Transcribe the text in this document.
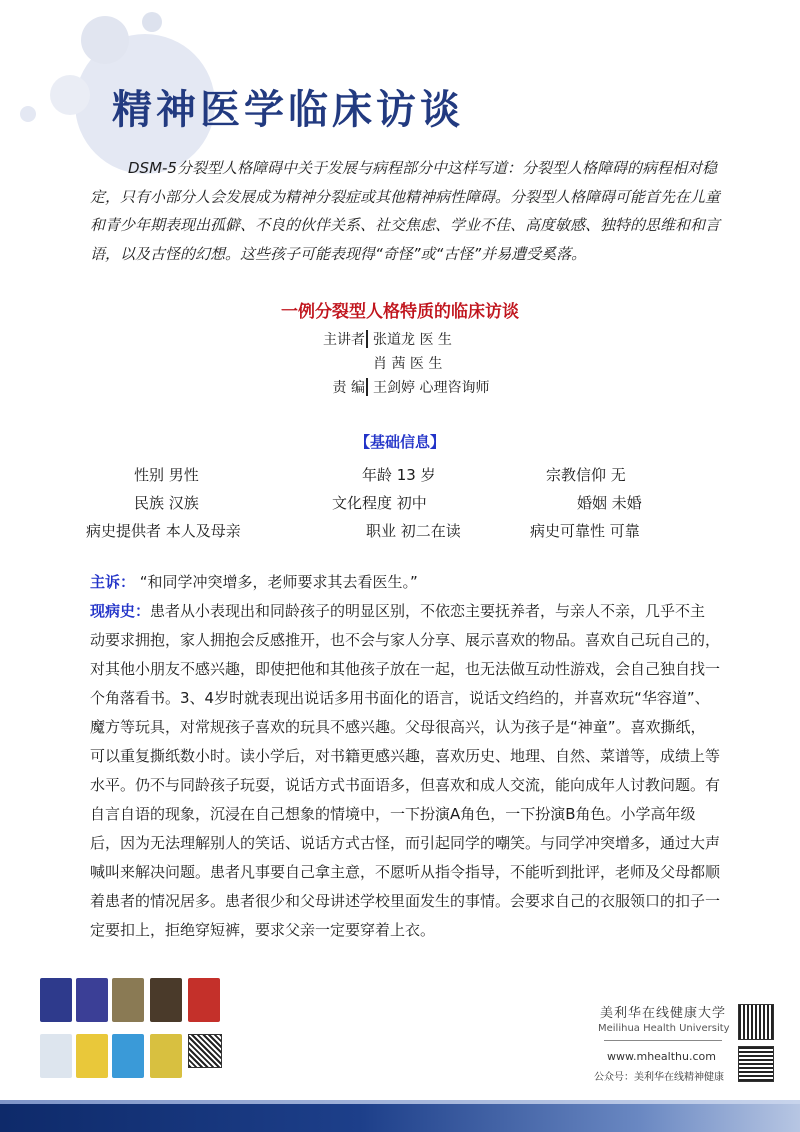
精神医学临床访谈

DSM-5分裂型人格障碍中关于发展与病程部分中这样写道：分裂型人格障碍的病程相对稳定，只有小部分人会发展成为精神分裂症或其他精神病性障碍。分裂型人格障碍可能首先在儿童和青少年期表现出孤僻、不良的伙伴关系、社交焦虑、学业不佳、高度敏感、独特的思维和和言语，以及古怪的幻想。这些孩子可能表现得“奇怪”或“古怪”并易遭受奚落。

一例分裂型人格特质的临床访谈
主讲者 张道龙 医 生
肖 茜 医 生
责 编 王剑婷 心理咨询师
【基础信息】
性别 男性	年龄 13 岁	宗教信仰 无
民族 汉族	文化程度 初中	婚姻 未婚
病史提供者 本人及母亲	职业 初二在读	病史可靠性 可靠

主诉： “和同学冲突增多，老师要求其去看医生。”

现病史：患者从小表现出和同龄孩子的明显区别，不依恋主要抚养者，与亲人不亲，几乎不主动要求拥抱，家人拥抱会反感推开，也不会与家人分享、展示喜欢的物品。喜欢自己玩自己的，对其他小朋友不感兴趣，即使把他和其他孩子放在一起，也无法做互动性游戏，会自己独自找一个角落看书。3、4岁时就表现出说话多用书面化的语言，说话文绉绉的，并喜欢玩“华容道”、魔方等玩具，对常规孩子喜欢的玩具不感兴趣。父母很高兴，认为孩子是“神童”。喜欢撕纸，可以重复撕纸数小时。读小学后，对书籍更感兴趣，喜欢历史、地理、自然、菜谱等，成绩上等水平。仍不与同龄孩子玩耍，说话方式书面语多，但喜欢和成人交流，能向成年人讨教问题。有自言自语的现象，沉浸在自己想象的情境中，一下扮演A角色，一下扮演B角色。小学高年级后，因为无法理解别人的笑话、说话方式古怪，而引起同学的嘲笑。与同学冲突增多，通过大声喊叫来解决问题。患者凡事要自己拿主意，不愿听从指令指导，不能听到批评，老师及父母都顺着患者的情况居多。患者很少和父母讲述学校里面发生的事情。会要求自己的衣服领口的扣子一定要扣上，拒绝穿短裤，要求父亲一定要穿着上衣。

美利华在线健康大学
Meilihua Health University
www.mhealthu.com
公众号：美利华在线精神健康
